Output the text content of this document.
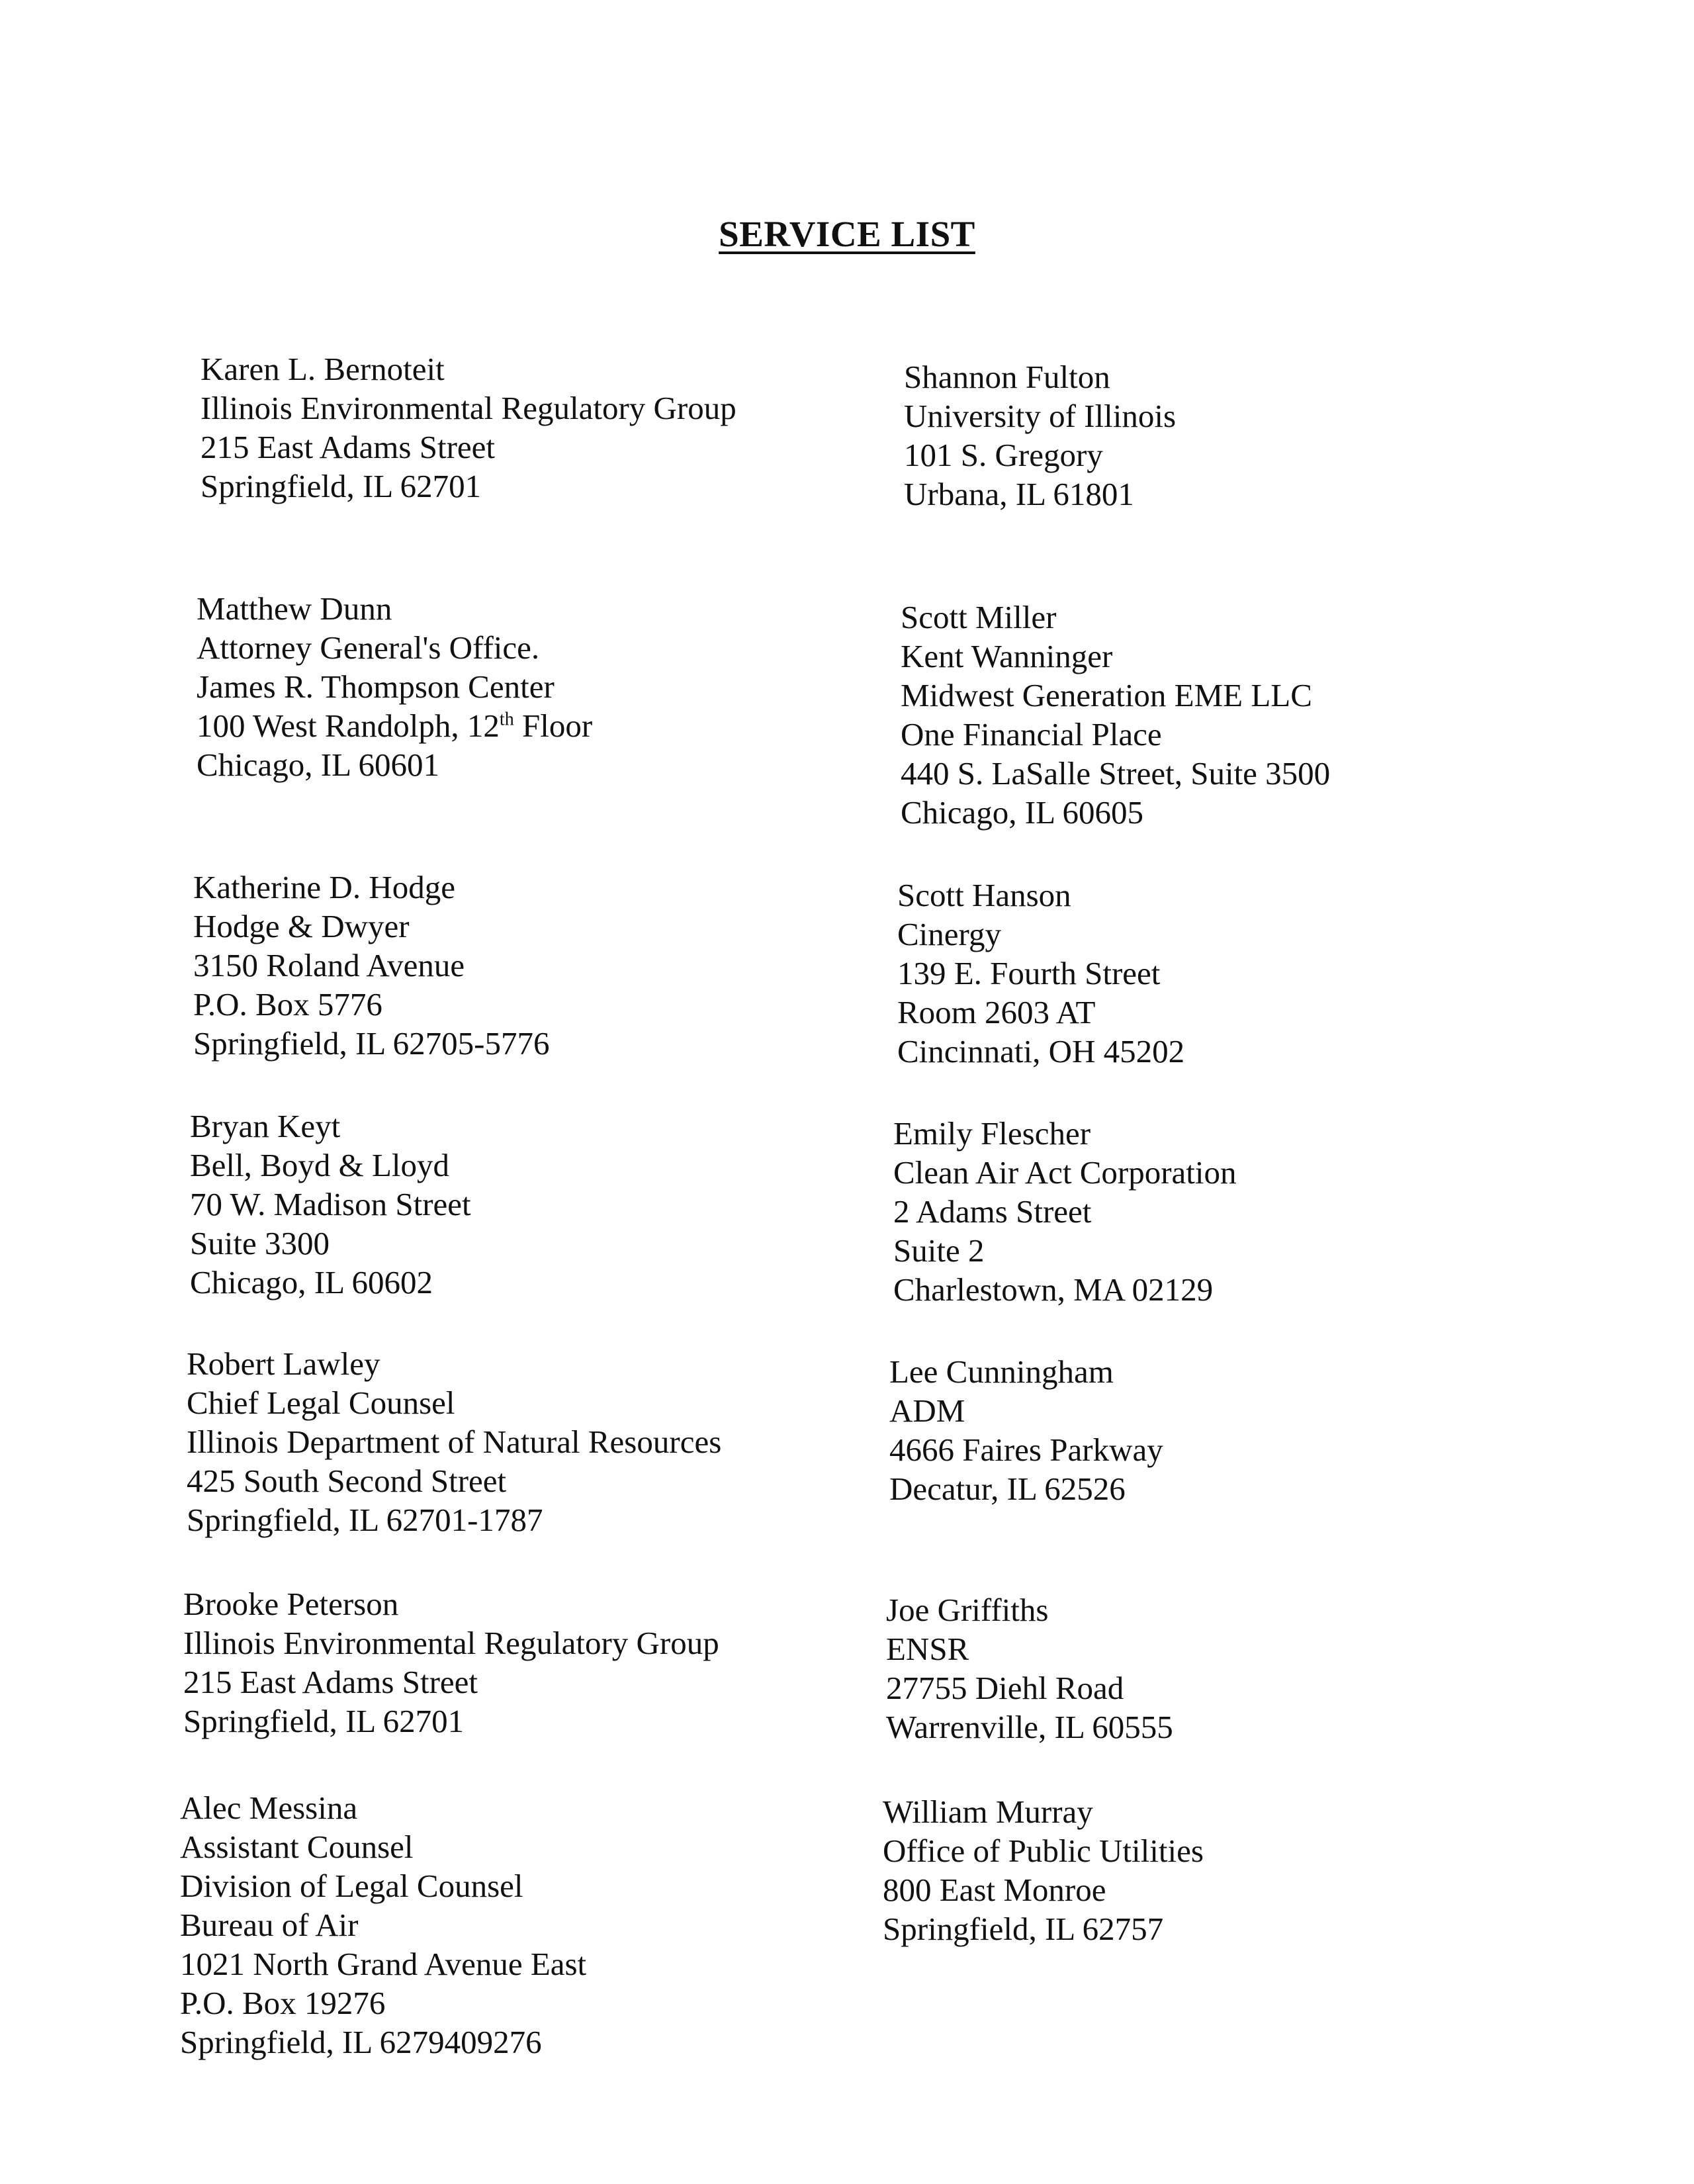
SERVICE LIST
Karen L. Bernoteit
Illinois Environmental Regulatory Group
215 East Adams Street
Springfield, IL 62701
Matthew Dunn
Attorney General's Office.
James R. Thompson Center
100 West Randolph, 12th Floor
Chicago, IL 60601
Katherine D. Hodge
Hodge & Dwyer
3150 Roland Avenue
P.O. Box 5776
Springfield, IL 62705-5776
Bryan Keyt
Bell, Boyd & Lloyd
70 W. Madison Street
Suite 3300
Chicago, IL 60602
Robert Lawley
Chief Legal Counsel
Illinois Department of Natural Resources
425 South Second Street
Springfield, IL 62701-1787
Brooke Peterson
Illinois Environmental Regulatory Group
215 East Adams Street
Springfield, IL 62701
Alec Messina
Assistant Counsel
Division of Legal Counsel
Bureau of Air
1021 North Grand Avenue East
P.O. Box 19276
Springfield, IL 6279409276
Shannon Fulton
University of Illinois
101 S. Gregory
Urbana, IL 61801
Scott Miller
Kent Wanninger
Midwest Generation EME LLC
One Financial Place
440 S. LaSalle Street, Suite 3500
Chicago, IL 60605
Scott Hanson
Cinergy
139 E. Fourth Street
Room 2603 AT
Cincinnati, OH 45202
Emily Flescher
Clean Air Act Corporation
2 Adams Street
Suite 2
Charlestown, MA 02129
Lee Cunningham
ADM
4666 Faires Parkway
Decatur, IL 62526
Joe Griffiths
ENSR
27755 Diehl Road
Warrenville, IL 60555
William Murray
Office of Public Utilities
800 East Monroe
Springfield, IL 62757
